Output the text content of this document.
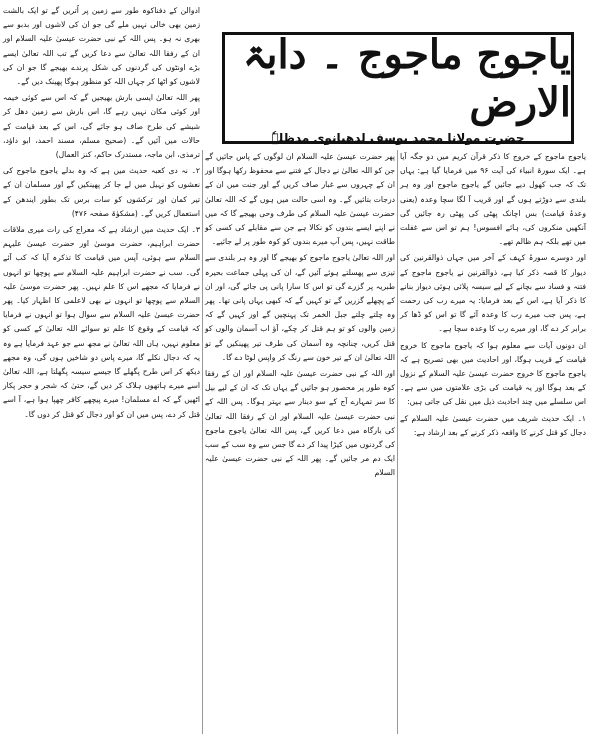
ادوالن کے دفناکوہ طور سے زمین پر اُتریں گے تو ایک بالشت زمین بھی خالی نہیں ملے گی جو ان کی لاشوں اور بدبو سے بھری نہ ہو۔ پس اللہ کے نبی حضرت عیسیٰ علیہ السلام اور ان کے رفقا اللہ تعالیٰ سے دعا کریں گے تب اللہ تعالیٰ ایسے بڑے اونٹوں کی گردنوں کی شکل پرندے بھیجے گا جو ان کی لاشوں کو اٹھا کر جہاں اللہ کو منظور ہوگا پھینک دیں گے۔

پھر اللہ تعالیٰ ایسی بارش بھیجیں گے کہ اس سے کوئی خیمہ اور کوئی مکان نہیں رہے گا، اس بارش سے زمین دھل کر شیشے کی طرح صاف ہو جائے گی، اس کے بعد قیامت کے حالات میں آئیں گے۔ (صحیح مسلم، مسند احمد، ابو داؤد، ترمذی، ابن ماجہ، مستدرک حاکم، کنز العمال)

۲۔ نہ دی کعبہ حدیث میں ہے کہ وہ بدلے یاجوج ماجوج کی نعشوں کو نہیل میں لے جا کر پھینکیں گے اور مسلمان ان کے تیر کمان اور ترکشوں کو سات برس تک بطور ایندھن کے استعمال کریں گے۔ (مشکوٰۃ صفحہ ۴۷۶)

۳۔ ایک حدیث میں ارشاد ہے کہ معراج کی رات میری ملاقات حضرت ابراہیم، حضرت موسیٰ اور حضرت عیسیٰ علیہم السلام سے ہوئی، آپس میں قیامت کا تذکرہ آیا کہ کب آئے گی۔ سب نے حضرت ابراہیم علیہ السلام سے پوچھا تو انہوں نے فرمایا کہ مجھے اس کا علم نہیں۔ پھر حضرت موسیٰ علیہ السلام سے پوچھا تو انہوں نے بھی لاعلمی کا اظہار کیا۔ پھر حضرت عیسیٰ علیہ السلام سے سوال ہوا تو انہوں نے فرمایا کہ قیامت کے وقوع کا علم تو سوائے اللہ تعالیٰ کے کسی کو معلوم نہیں، ہاں اللہ تعالیٰ نے مجھ سے جو عہد فرمایا ہے وہ یہ کہ دجال نکلے گا، میرے پاس دو شاخیں ہوں گی، وہ مجھے دیکھ کر اس طرح پگھلے گا جیسے سیسہ پگھلتا ہے، اللہ تعالیٰ اسے میرے ہاتھوں ہلاک کر دیں گے، حتیٰ کہ شجر و حجر پکار اٹھیں گے کہ اے مسلمان! میرے پیچھے کافر چھپا ہوا ہے، آ اسے قتل کر دے، پس میں ان کو اور دجال کو قتل کر دوں گا۔

یاجوج ماجوج ۔ دابۃ الارض
حضرت مولانا محمد یوسف لدھیانوی مدظلہٗ

پھر حضرت عیسیٰ علیہ السلام ان لوگوں کے پاس جائیں گے جن کو اللہ تعالیٰ نے دجال کے فتنے سے محفوظ رکھا ہوگا اور ان کے چہروں سے غبار صاف کریں گے اور جنت میں ان کے درجات بتائیں گے۔ وہ اسی حالت میں ہوں گے کہ اللہ تعالیٰ حضرت عیسیٰ علیہ السلام کی طرف وحی بھیجے گا کہ میں نے اپنے ایسے بندوں کو نکالا ہے جن سے مقابلے کی کسی کو طاقت نہیں، پس آپ میرے بندوں کو کوہ طور پر لے جائیے۔

اور اللہ تعالیٰ یاجوج ماجوج کو بھیجے گا اور وہ ہر بلندی سے تیزی سے پھسلتے ہوئے آئیں گے، ان کی پہلی جماعت بحیرہ طبریہ پر گزرے گی تو اس کا سارا پانی پی جائے گی، اور ان کے پچھلے گزریں گے تو کہیں گے کہ کبھی یہاں پانی تھا۔ پھر وہ چلتے چلتے جبل الخمر تک پہنچیں گے اور کہیں گے کہ زمین والوں کو تو ہم قتل کر چکے، آؤ اب آسمان والوں کو قتل کریں، چنانچہ وہ آسمان کی طرف تیر پھینکیں گے تو اللہ تعالیٰ ان کے تیر خون سے رنگ کر واپس لوٹا دے گا۔

اور اللہ کے نبی حضرت عیسیٰ علیہ السلام اور ان کے رفقا کوہ طور پر محصور ہو جائیں گے یہاں تک کہ ان کے لیے بیل کا سر تمہارے آج کے سو دینار سے بہتر ہوگا۔ پس اللہ کے نبی حضرت عیسیٰ علیہ السلام اور ان کے رفقا اللہ تعالیٰ کی بارگاہ میں دعا کریں گے، پس اللہ تعالیٰ یاجوج ماجوج کی گردنوں میں کیڑا پیدا کر دے گا جس سے وہ سب کے سب ایک دم مر جائیں گے۔ پھر اللہ کے نبی حضرت عیسیٰ علیہ السلام

یاجوج ماجوج کے خروج کا ذکر قرآن کریم میں دو جگہ آیا ہے۔ ایک سورۃ انبیاء کی آیت ۹۶ میں فرمایا گیا ہے: یہاں تک کہ جب کھول دیے جائیں گے یاجوج ماجوج اور وہ ہر بلندی سے دوڑتے ہوں گے اور قریب آ لگا سچا وعدہ (یعنی وعدۂ قیامت) بس اچانک پھٹی کی پھٹی رہ جائیں گی آنکھیں منکروں کی، ہائے افسوس! ہم تو اس سے غفلت میں تھے بلکہ ہم ظالم تھے۔

اور دوسرے سورۂ کہف کے آخر میں جہاں ذوالقرنین کی دیوار کا قصہ ذکر کیا ہے، ذوالقرنین نے یاجوج ماجوج کے فتنہ و فساد سے بچانے کے لیے سیسہ پلائی ہوئی دیوار بنانے کا ذکر آیا ہے، اس کے بعد فرمایا: یہ میرے رب کی رحمت ہے، پس جب میرے رب کا وعدہ آئے گا تو اس کو ڈھا کر برابر کر دے گا، اور میرے رب کا وعدہ سچا ہے۔

ان دونوں آیات سے معلوم ہوا کہ یاجوج ماجوج کا خروج قیامت کے قریب ہوگا، اور احادیث میں بھی تصریح ہے کہ یاجوج ماجوج کا خروج حضرت عیسیٰ علیہ السلام کے نزول کے بعد ہوگا اور یہ قیامت کی بڑی علامتوں میں سے ہے۔ اس سلسلے میں چند احادیث ذیل میں نقل کی جاتی ہیں:

۱۔ ایک حدیث شریف میں حضرت عیسیٰ علیہ السلام کے دجال کو قتل کرنے کا واقعہ ذکر کرنے کے بعد ارشاد ہے:
